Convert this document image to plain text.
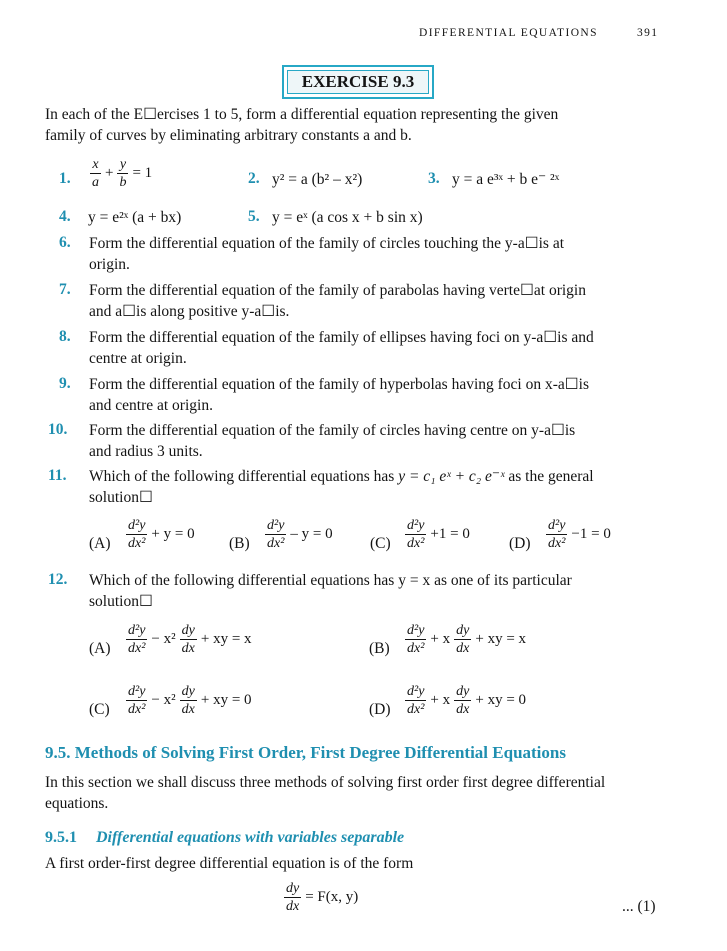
DIFFERENTIAL EQUATIONS	391
EXERCISE 9.3
In each of the E☐ercises 1 to 5, form a differential equation representing the given
family of curves by eliminating arbitrary constants a and b.
1. $\frac{x}{a} + \frac{y}{b} = 1$	2. y² = a (b² – x²)	3. y = a e³ˣ + b e⁻ ²ˣ
4. y = e²ˣ (a + bx)	5. y = eˣ (a cos x + b sin x)
6. Form the differential equation of the family of circles touching the y-a☐is at
origin.
7. Form the differential equation of the family of parabolas having verte☐at origin
and a☐is along positive y-a☐is.
8. Form the differential equation of the family of ellipses having foci on y-a☐is and
centre at origin.
9. Form the differential equation of the family of hyperbolas having foci on x-a☐is
and centre at origin.
10. Form the differential equation of the family of circles having centre on y-a☐is
and radius 3 units.
11. Which of the following differential equations has y = c₁ eˣ + c₂ e⁻ˣ as the general
solution☐
$(A) \frac{\text{d²y}}{\text{dx²}} + y = 0$
$(B) \frac{\text{d²y}}{\text{dx²}} - y = 0$
$(C) \frac{\text{d²y}}{\text{dx²}} +1 = 0$
$(D) \frac{\text{d²y}}{\text{dx²}} -1 = 0$
12. Which of the following differential equations has y = x as one of its particular
solution☐
$(A) \frac{\text{d²y}}{\text{dx²}} - x^2 \frac{dy}{dx}$ + xy = x
$(B) \frac{\text{d²y}}{\text{dx²}} + x \frac{dy}{dx}$ + xy = x
$(C) \frac{\text{d²y}}{\text{dx²}} - x^2 \frac{dy}{dx}$ + xy = 0
$(D) \frac{\text{d²y}}{\text{dx²}} + x \frac{dy}{dx}$ + xy = 0
9.5. Methods of Solving First Order, First Degree Differential Equations
In this section we shall discuss three methods of solving first order first degree differential
equations.
9.5.1 Differential equations with variables separable
A first order-first degree differential equation is of the form
$\frac{dy}{dx} = F(x$, y)
... (1)
